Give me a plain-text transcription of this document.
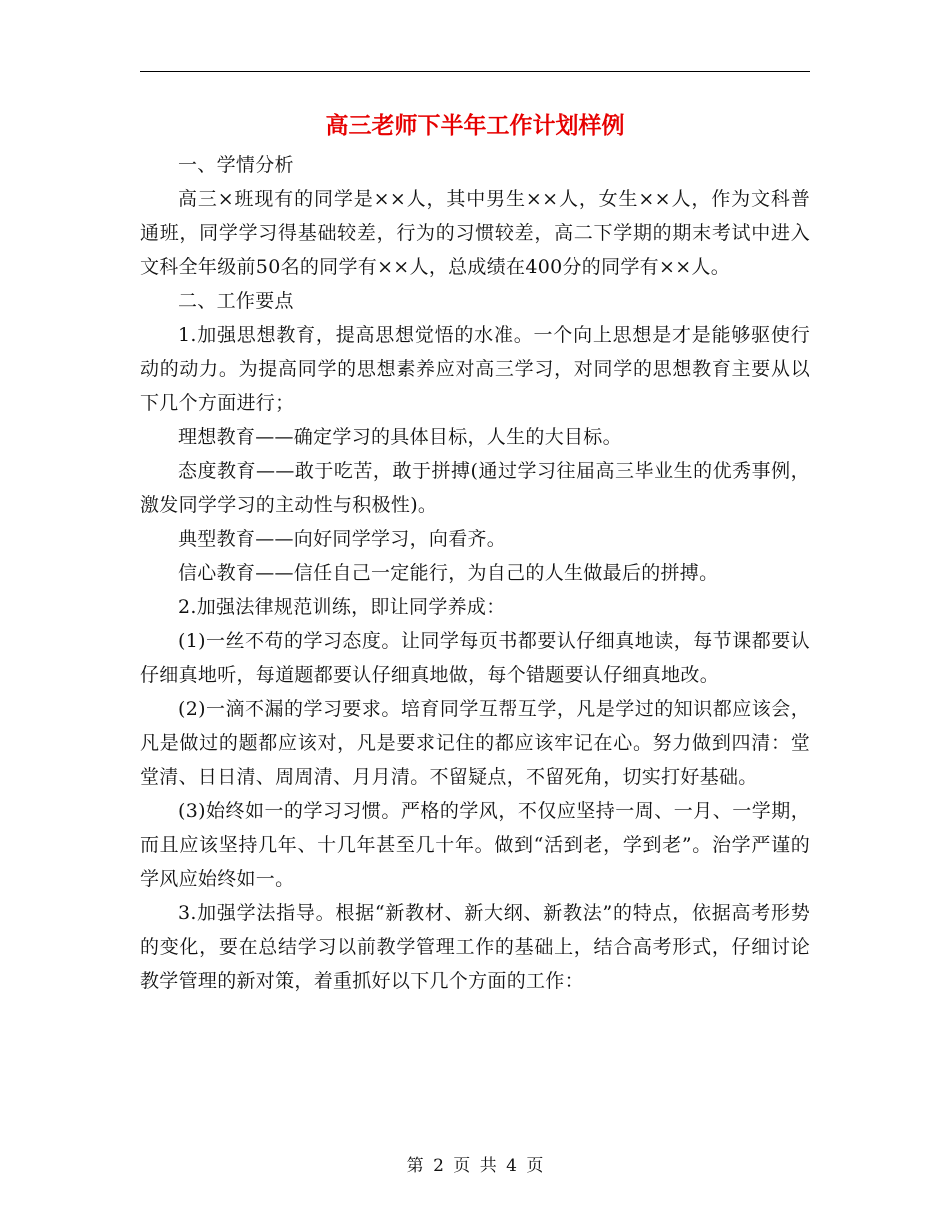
高三老师下半年工作计划样例

一、学情分析

高三×班现有的同学是××人，其中男生××人，女生××人，作为文科普通班，同学学习得基础较差，行为的习惯较差，高二下学期的期末考试中进入文科全年级前50名的同学有××人，总成绩在400分的同学有××人。

二、工作要点

1.加强思想教育，提高思想觉悟的水准。一个向上思想是才是能够驱使行动的动力。为提高同学的思想素养应对高三学习，对同学的思想教育主要从以下几个方面进行；

理想教育——确定学习的具体目标，人生的大目标。

态度教育——敢于吃苦，敢于拼搏(通过学习往届高三毕业生的优秀事例，激发同学学习的主动性与积极性)。

典型教育——向好同学学习，向看齐。

信心教育——信任自己一定能行，为自己的人生做最后的拼搏。

2.加强法律规范训练，即让同学养成：

(1)一丝不苟的学习态度。让同学每页书都要认仔细真地读，每节课都要认仔细真地听，每道题都要认仔细真地做，每个错题要认仔细真地改。

(2)一滴不漏的学习要求。培育同学互帮互学，凡是学过的知识都应该会，凡是做过的题都应该对，凡是要求记住的都应该牢记在心。努力做到四清：堂堂清、日日清、周周清、月月清。不留疑点，不留死角，切实打好基础。

(3)始终如一的学习习惯。严格的学风，不仅应坚持一周、一月、一学期，而且应该坚持几年、十几年甚至几十年。做到“活到老，学到老”。治学严谨的学风应始终如一。

3.加强学法指导。根据“新教材、新大纲、新教法”的特点，依据高考形势的变化，要在总结学习以前教学管理工作的基础上，结合高考形式，仔细讨论教学管理的新对策，着重抓好以下几个方面的工作：

第 2 页 共 4 页
